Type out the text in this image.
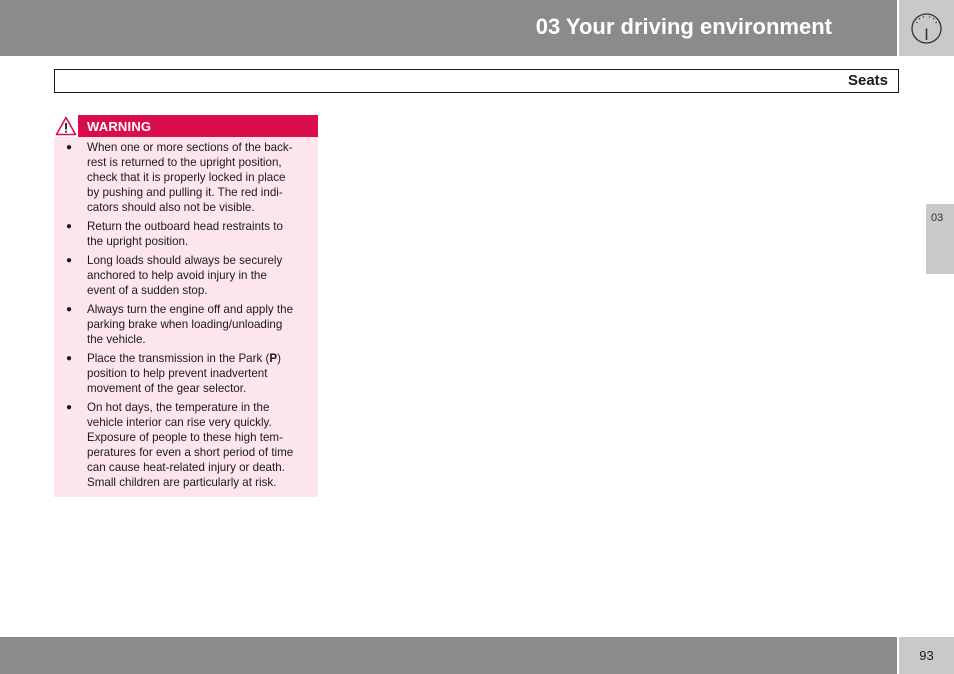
03 Your driving environment
Seats
03
WARNING
● When one or more sections of the back-
rest is returned to the upright position,
check that it is properly locked in place
by pushing and pulling it. The red indi-
cators should also not be visible.
● Return the outboard head restraints to
the upright position.
● Long loads should always be securely
anchored to help avoid injury in the
event of a sudden stop.
● Always turn the engine off and apply the
parking brake when loading/unloading
the vehicle.
● Place the transmission in the Park (P)
position to help prevent inadvertent
movement of the gear selector.
● On hot days, the temperature in the
vehicle interior can rise very quickly.
Exposure of people to these high tem-
peratures for even a short period of time
can cause heat-related injury or death.
Small children are particularly at risk.
93
